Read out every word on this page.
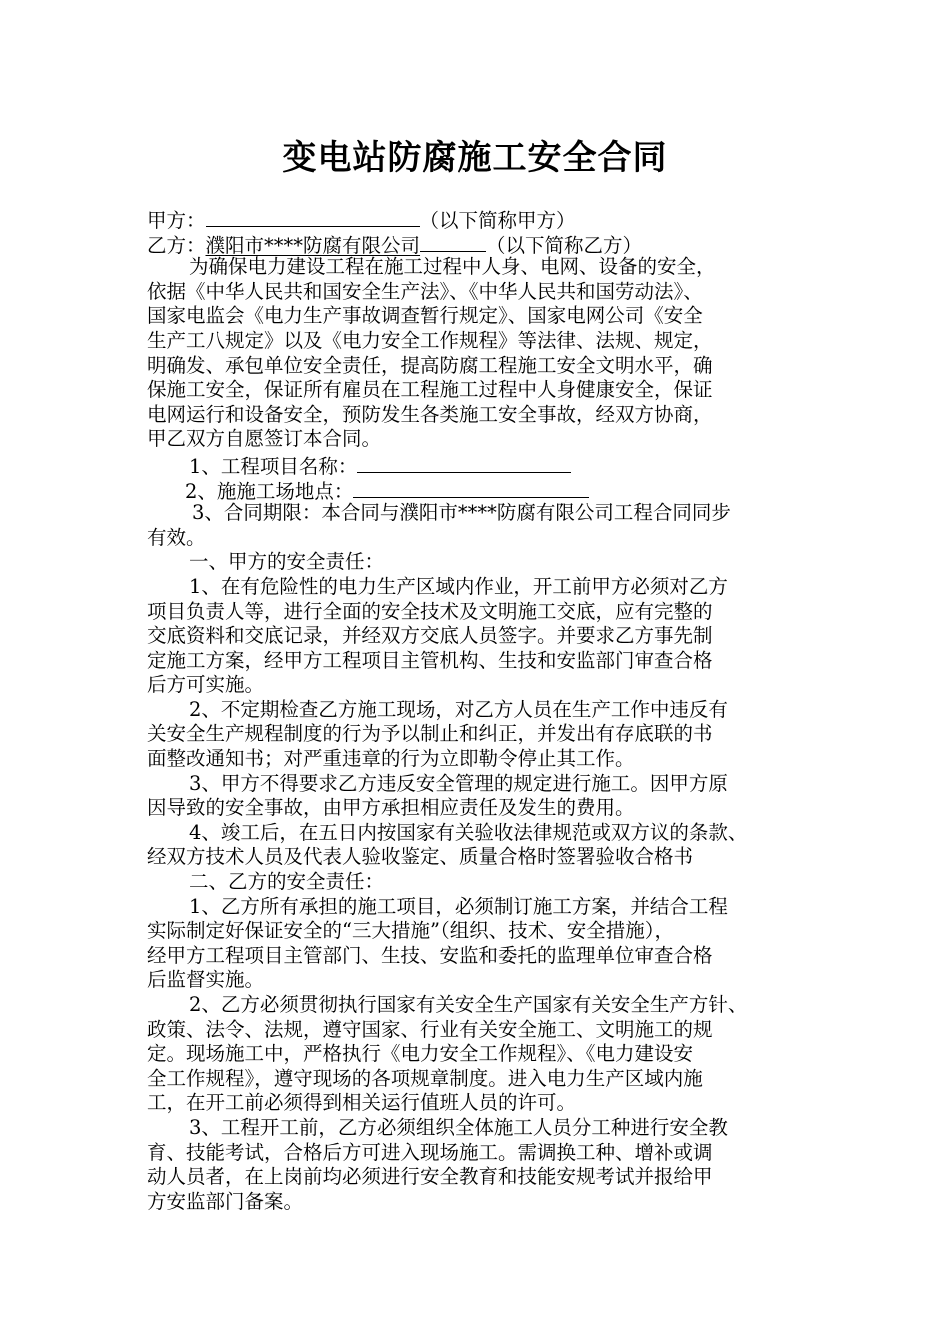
变电站防腐施工安全合同
甲方：	（以下简称甲方）
乙方：濮阳市****防腐有限公司	（以下简称乙方）
为确保电力建设工程在施工过程中人身、电网、设备的安全，
依据《中华人民共和国安全生产法》、《中华人民共和国劳动法》、
国家电监会《电力生产事故调查暂行规定》、国家电网公司《安全
生产工八规定》以及《电力安全工作规程》等法律、法规、规定，
明确发、承包单位安全责任，提高防腐工程施工安全文明水平，确
保施工安全，保证所有雇员在工程施工过程中人身健康安全，保证
电网运行和设备安全，预防发生各类施工安全事故，经双方协商，
甲乙双方自愿签订本合同。
1、工程项目名称：
2、施施工场地点：
3、合同期限：本合同与濮阳市****防腐有限公司工程合同同步
有效。
一、甲方的安全责任：
1、在有危险性的电力生产区域内作业，开工前甲方必须对乙方
项目负责人等，进行全面的安全技术及文明施工交底，应有完整的
交底资料和交底记录，并经双方交底人员签字。并要求乙方事先制
定施工方案，经甲方工程项目主管机构、生技和安监部门审查合格
后方可实施。
2、不定期检查乙方施工现场，对乙方人员在生产工作中违反有
关安全生产规程制度的行为予以制止和纠正，并发出有存底联的书
面整改通知书；对严重违章的行为立即勒令停止其工作。
3、甲方不得要求乙方违反安全管理的规定进行施工。因甲方原
因导致的安全事故，由甲方承担相应责任及发生的费用。
4、竣工后，在五日内按国家有关验收法律规范或双方议的条款、
经双方技术人员及代表人验收鉴定、质量合格时签署验收合格书
二、乙方的安全责任：
1、乙方所有承担的施工项目，必须制订施工方案，并结合工程
实际制定好保证安全的“三大措施”（组织、技术、安全措施），
经甲方工程项目主管部门、生技、安监和委托的监理单位审查合格
后监督实施。
2、乙方必须贯彻执行国家有关安全生产国家有关安全生产方针、
政策、法令、法规，遵守国家、行业有关安全施工、文明施工的规
定。现场施工中，严格执行《电力安全工作规程》、《电力建设安
全工作规程》，遵守现场的各项规章制度。进入电力生产区域内施
工，在开工前必须得到相关运行值班人员的许可。
3、工程开工前，乙方必须组织全体施工人员分工种进行安全教
育、技能考试，合格后方可进入现场施工。需调换工种、增补或调
动人员者，在上岗前均必须进行安全教育和技能安规考试并报给甲
方安监部门备案。
